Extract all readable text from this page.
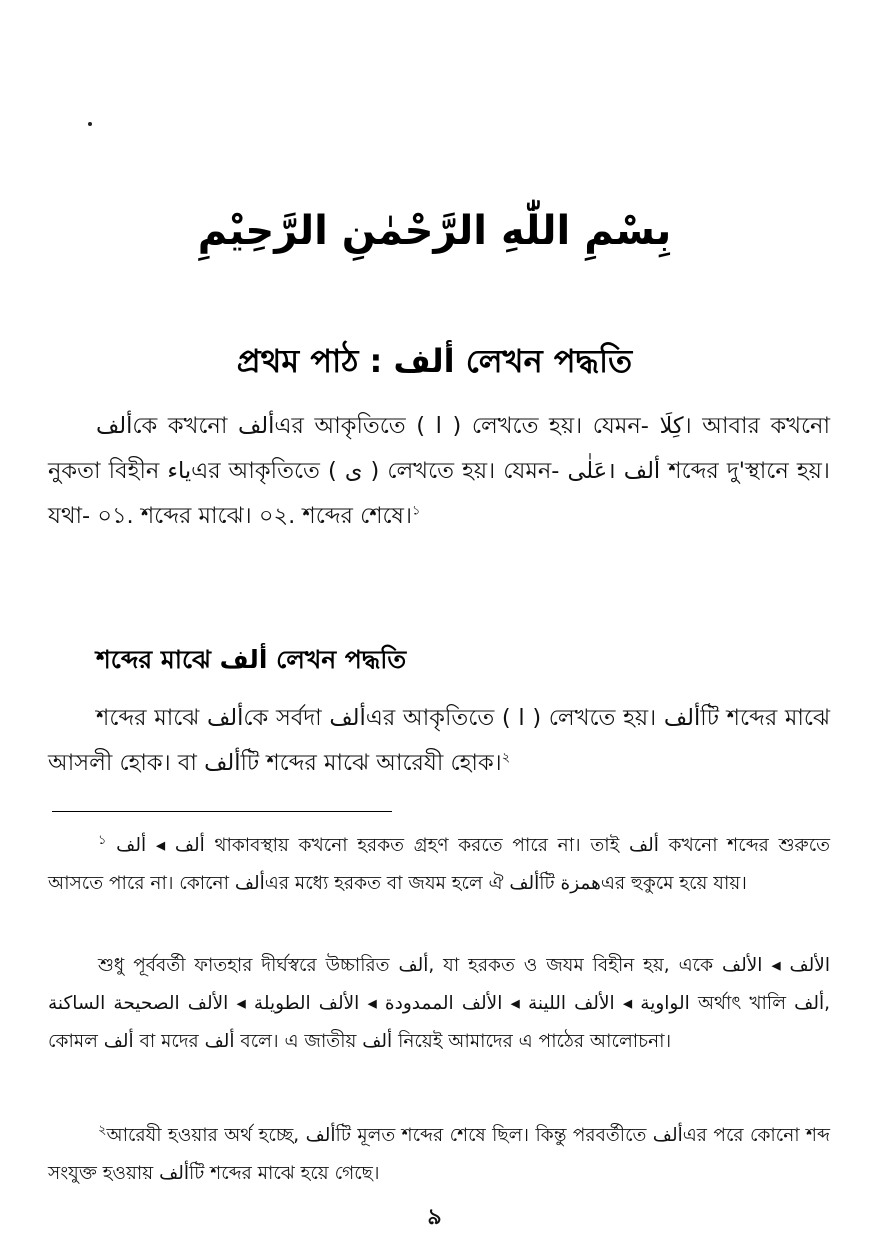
بِسْمِ اللّٰهِ الرَّحْمٰنِ الرَّحِيْمِ
প্রথম পাঠ : ألف লেখন পদ্ধতি
ألفকে কখনো ألفএর আকৃতিতে ( ا ) লেখতে হয়। যেমন- كِلَا। আবার কখনো নুকতা বিহীন ياءএর আকৃতিতে ( ى ) লেখতে হয়। যেমন- عَلٰى। ألف শব্দের দু'স্থানে হয়। যথা- ০১. শব্দের মাঝে। ০২. শব্দের শেষে।$^১$
শব্দের মাঝে ألف লেখন পদ্ধতি
শব্দের মাঝে ألفকে সর্বদা ألفএর আকৃতিতে ( ا ) লেখতে হয়। ألفটি শব্দের মাঝে আসলী হোক। বা ألفটি শব্দের মাঝে আরেযী হোক।$^২$
$^১$ ألف ◂ ألف থাকাবস্থায় কখনো হরকত গ্রহণ করতে পারে না। তাই ألف কখনো শব্দের শুরুতে আসতে পারে না। কোনো ألفএর মধ্যে হরকত বা জযম হলে ঐ ألفটি همزةএর হুকুমে হয়ে যায়।
শুধু পূর্ববর্তী ফাতহার দীর্ঘস্বরে উচ্চারিত ألف, যা হরকত ও জযম বিহীন হয়, একে الألف ◂ الألف الواوية ◂ الألف اللينة ◂ الألف الممدودة ◂ الألف الطويلة ◂ الألف الصحيحة الساكنة অর্থাৎ খালি ألف, কোমল ألف বা মদের ألف বলে। এ জাতীয় ألف নিয়েই আমাদের এ পাঠের আলোচনা।
$^২$আরেযী হওয়ার অর্থ হচ্ছে, ألفটি মূলত শব্দের শেষে ছিল। কিন্তু পরবর্তীতে ألفএর পরে কোনো শব্দ সংযুক্ত হওয়ায় ألفটি শব্দের মাঝে হয়ে গেছে।
৯
